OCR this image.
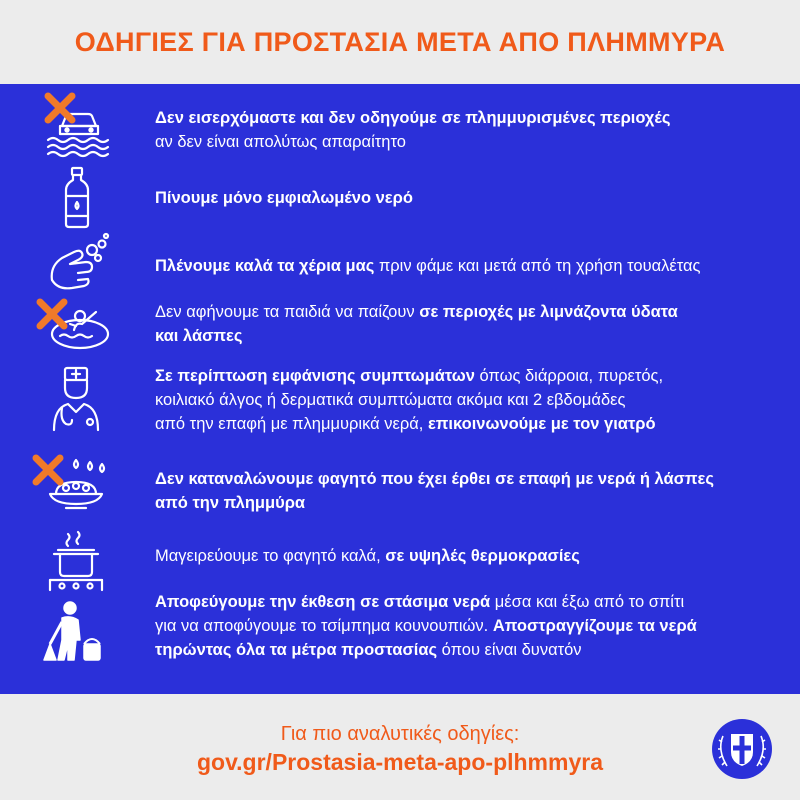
ΟΔΗΓΙΕΣ ΓΙΑ ΠΡΟΣΤΑΣΙΑ ΜΕΤΑ ΑΠΟ ΠΛΗΜΜΥΡΑ
Δεν εισερχόμαστε και δεν οδηγούμε σε πλημμυρισμένες περιοχές
αν δεν είναι απολύτως απαραίτητο
Πίνουμε μόνο εμφιαλωμένο νερό
Πλένουμε καλά τα χέρια μας πριν φάμε και μετά από τη χρήση τουαλέτας
Δεν αφήνουμε τα παιδιά να παίζουν σε περιοχές με λιμνάζοντα ύδατα
και λάσπες
Σε περίπτωση εμφάνισης συμπτωμάτων όπως διάρροια, πυρετός,
κοιλιακό άλγος ή δερματικά συμπτώματα ακόμα και 2 εβδομάδες
από την επαφή με πλημμυρικά νερά, επικοινωνούμε με τον γιατρό
Δεν καταναλώνουμε φαγητό που έχει έρθει σε επαφή με νερά ή λάσπες
από την πλημμύρα
Μαγειρεύουμε το φαγητό καλά, σε υψηλές θερμοκρασίες
Αποφεύγουμε την έκθεση σε στάσιμα νερά μέσα και έξω από το σπίτι
για να αποφύγουμε το τσίμπημα κουνουπιών. Αποστραγγίζουμε τα νερά
τηρώντας όλα τα μέτρα προστασίας όπου είναι δυνατόν
Για πιο αναλυτικές οδηγίες:
gov.gr/Prostasia-meta-apo-plhmmyra
